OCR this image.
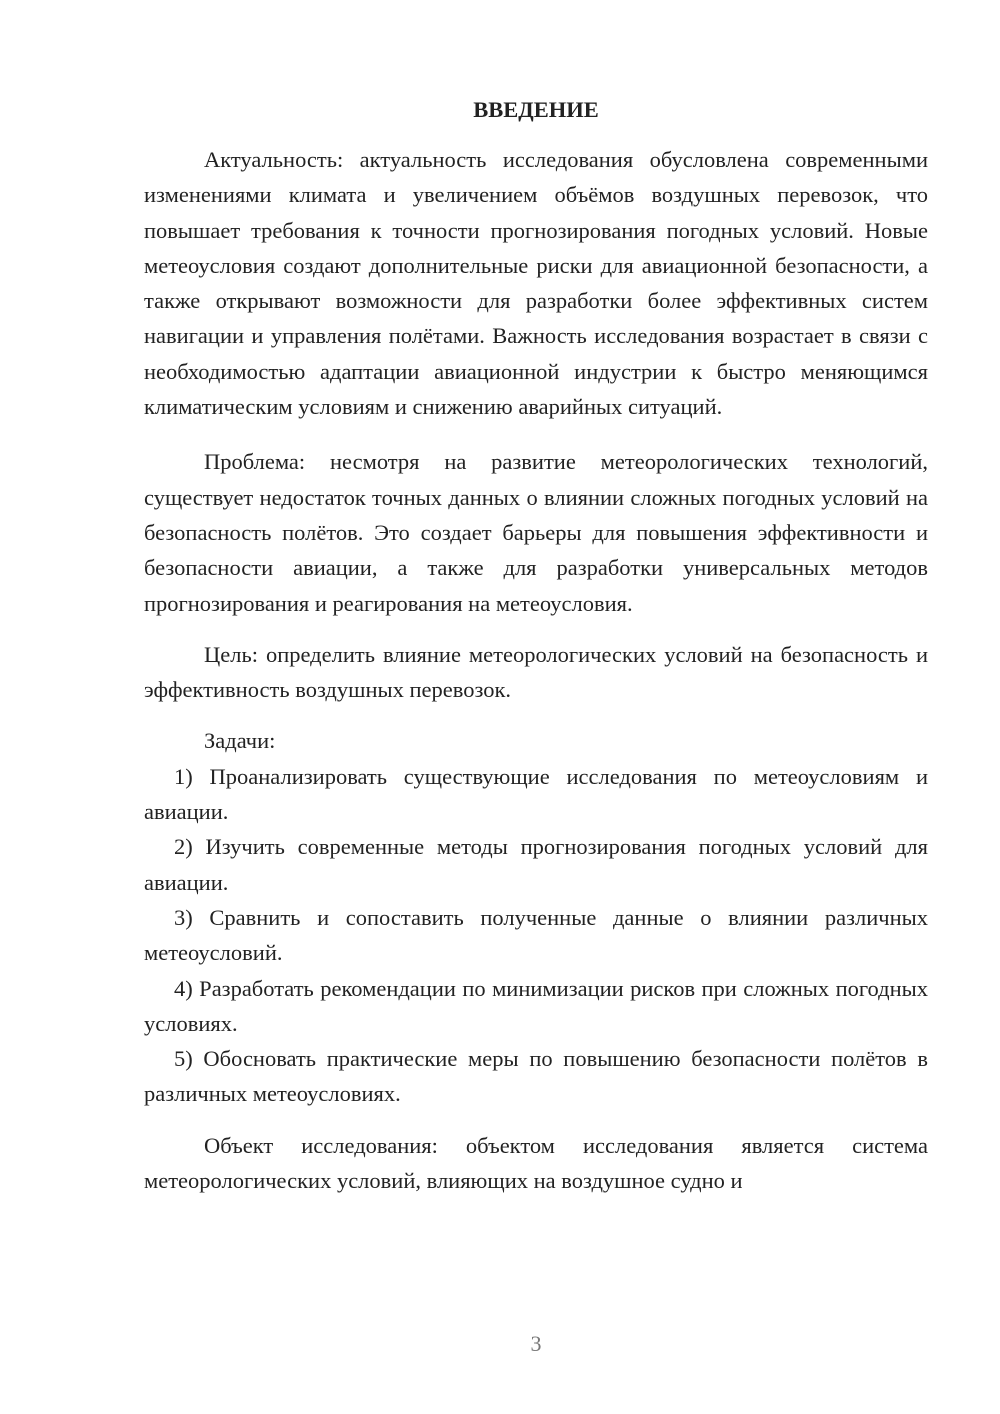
ВВЕДЕНИЕ

Актуальность: актуальность исследования обусловлена современными изменениями климата и увеличением объёмов воздушных перевозок, что повышает требования к точности прогнозирования погодных условий. Новые метеоусловия создают дополнительные риски для авиационной безопасности, а также открывают возможности для разработки более эффективных систем навигации и управления полётами. Важность исследования возрастает в связи с необходимостью адаптации авиационной индустрии к быстро меняющимся климатическим условиям и снижению аварийных ситуаций.

Проблема: несмотря на развитие метеорологических технологий, существует недостаток точных данных о влиянии сложных погодных условий на безопасность полётов. Это создает барьеры для повышения эффективности и безопасности авиации, а также для разработки универсальных методов прогнозирования и реагирования на метеоусловия.

Цель: определить влияние метеорологических условий на безопасность и эффективность воздушных перевозок.

Задачи:

1) Проанализировать существующие исследования по метеоусловиям и авиации.

2) Изучить современные методы прогнозирования погодных условий для авиации.

3) Сравнить и сопоставить полученные данные о влиянии различных метеоусловий.

4) Разработать рекомендации по минимизации рисков при сложных погодных условиях.

5) Обосновать практические меры по повышению безопасности полётов в различных метеоусловиях.

Объект исследования: объектом исследования является система метеорологических условий, влияющих на воздушное судно и

3
